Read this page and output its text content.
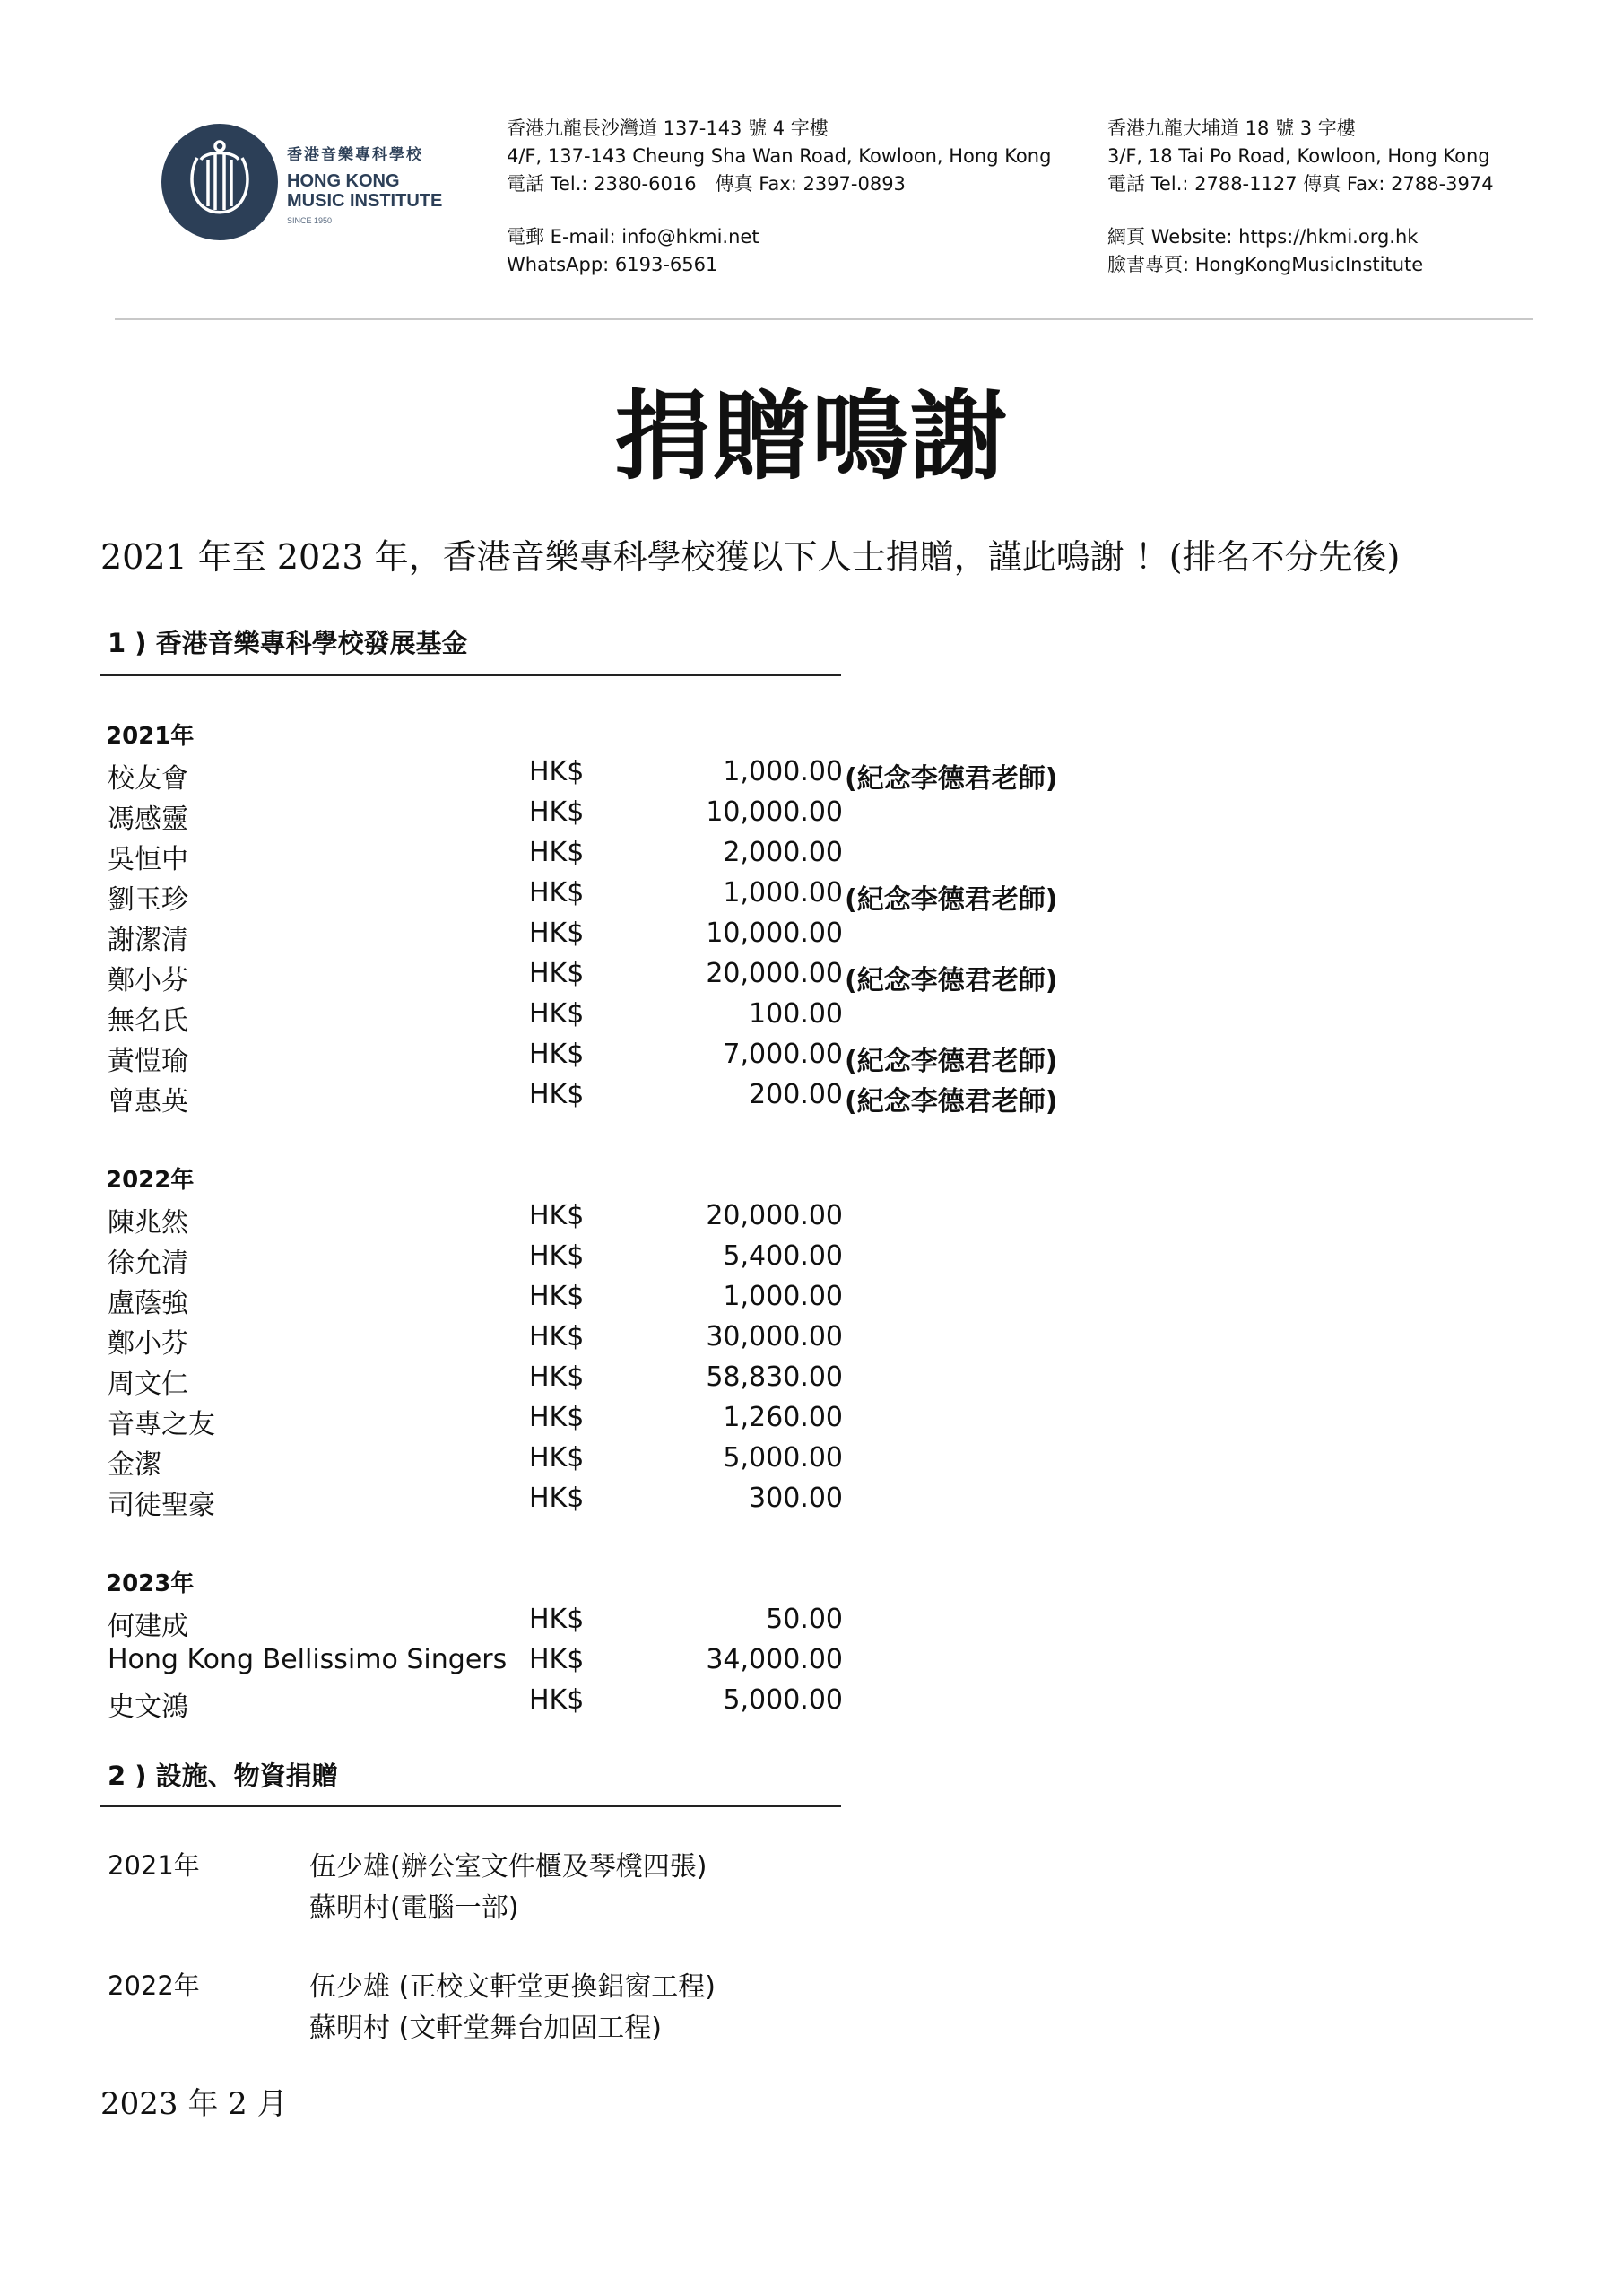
香港音樂專科學校
HONG KONG
MUSIC INSTITUTE
SINCE 1950
香港九龍長沙灣道 137-143 號 4 字樓
4/F, 137-143 Cheung Sha Wan Road, Kowloon, Hong Kong
電話 Tel.: 2380-6016　傳真 Fax: 2397-0893
電郵 E-mail: info@hkmi.net
WhatsApp: 6193-6561
香港九龍大埔道 18 號 3 字樓
3/F, 18 Tai Po Road, Kowloon, Hong Kong
電話 Tel.: 2788-1127 傳真 Fax: 2788-3974
網頁 Website: https://hkmi.org.hk
臉書專頁: HongKongMusicInstitute
捐贈鳴謝
2021 年至 2023 年，香港音樂專科學校獲以下人士捐贈，謹此鳴謝 ！(排名不分先後)
1 ) 香港音樂專科學校發展基金
2021年
校友會	HK$	1,000.00 (紀念李德君老師)
馮感靈	HK$	10,000.00
吳恒中	HK$	2,000.00
劉玉珍	HK$	1,000.00 (紀念李德君老師)
謝潔清	HK$	10,000.00
鄭小芬	HK$	20,000.00 (紀念李德君老師)
無名氏	HK$	100.00
黃愷瑜	HK$	7,000.00 (紀念李德君老師)
曾惠英	HK$	200.00 (紀念李德君老師)
2022年
陳兆然	HK$	20,000.00
徐允清	HK$	5,400.00
盧蔭強	HK$	1,000.00
鄭小芬	HK$	30,000.00
周文仁	HK$	58,830.00
音專之友	HK$	1,260.00
金潔	HK$	5,000.00
司徒聖豪	HK$	300.00
2023年
何建成	HK$	50.00
Hong Kong Bellissimo Singers HK$	34,000.00
史文鴻	HK$	5,000.00
2 ) 設施、物資捐贈
2021年	伍少雄(辦公室文件櫃及琴櫈四張)
蘇明村(電腦一部)
2022年	伍少雄 (正校文軒堂更換鋁窗工程)
蘇明村 (文軒堂舞台加固工程)
2023 年 2 月
